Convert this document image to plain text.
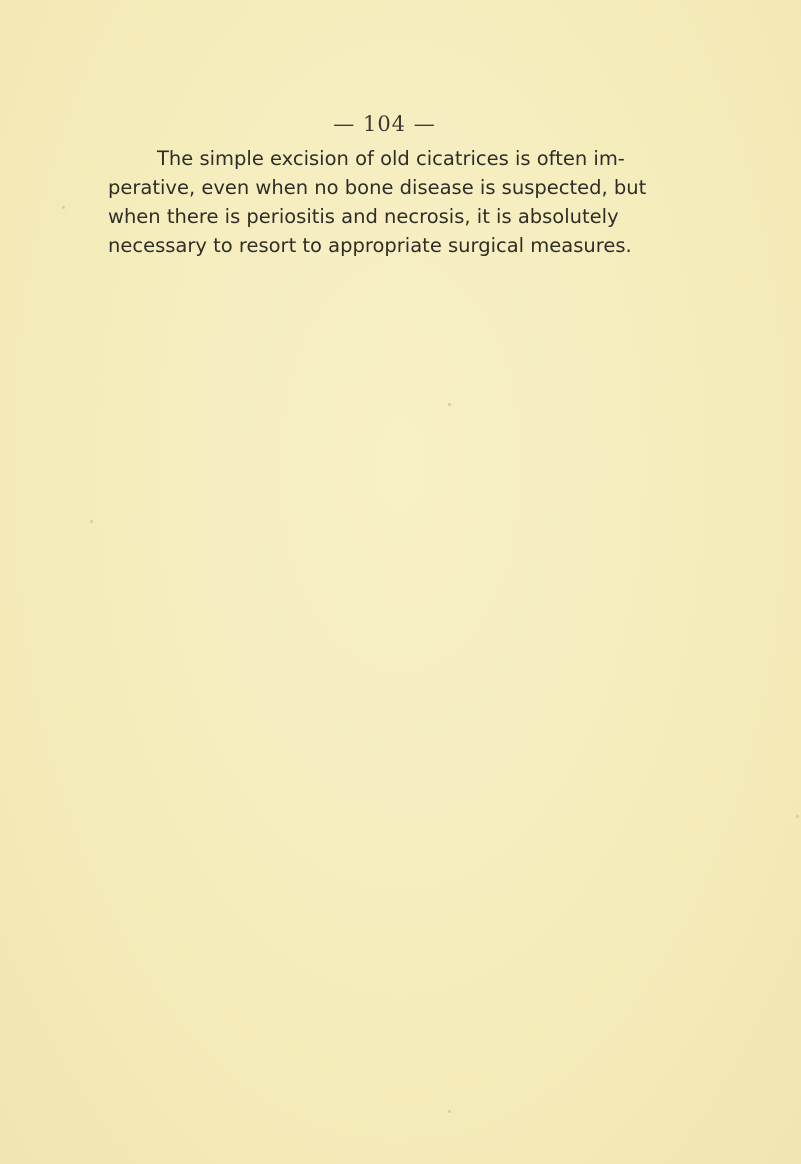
— 104 —

The simple excision of old cicatrices is often im-
perative, even when no bone disease is suspected, but
when there is periositis and necrosis, it is absolutely
necessary to resort to appropriate surgical measures.
